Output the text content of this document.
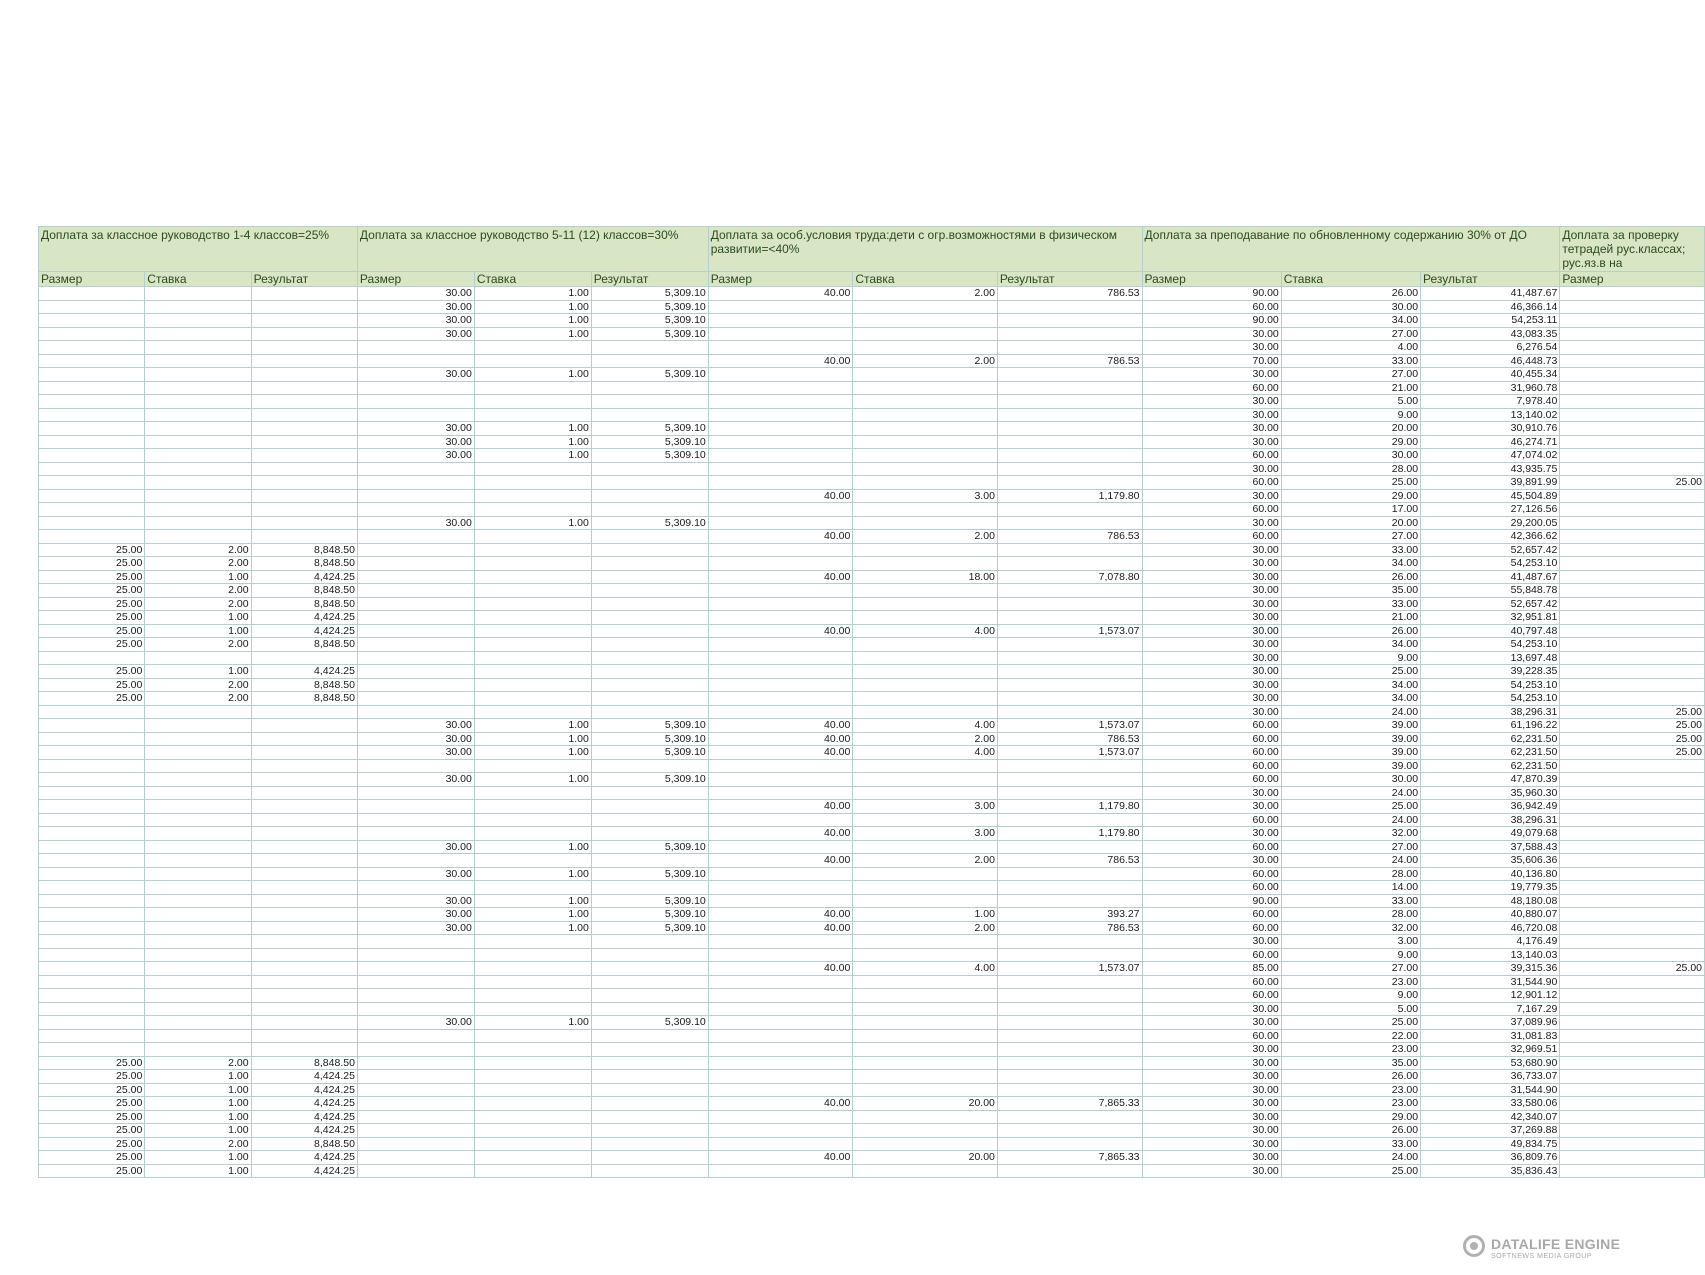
Доплата за классное руководство 1-4 классов=25%			Доплата за классное руководство 5-11 (12) классов=30%			Доплата за особ.условия труда:дети с огр.возможностями в физическом развитии=<40%			Доплата за преподавание по обновленному содержанию 30% от ДО			Доплата за проверку тетрадей рус.классах; рус.яз.в на
Размер	Ставка	Результат	Размер	Ставка	Результат	Размер	Ставка	Результат	Размер	Ставка	Результат	Размер
			30.00	1.00	5,309.10	40.00	2.00	786.53	90.00	26.00	41,487.67	
			30.00	1.00	5,309.10				60.00	30.00	46,366.14	
			30.00	1.00	5,309.10				90.00	34.00	54,253.11	
			30.00	1.00	5,309.10				30.00	27.00	43,083.35	
									30.00	4.00	6,276.54	
						40.00	2.00	786.53	70.00	33.00	46,448.73	
			30.00	1.00	5,309.10				30.00	27.00	40,455.34	
									60.00	21.00	31,960.78	
									30.00	5.00	7,978.40	
									30.00	9.00	13,140.02	
			30.00	1.00	5,309.10				30.00	20.00	30,910.76	
			30.00	1.00	5,309.10				30.00	29.00	46,274.71	
			30.00	1.00	5,309.10				60.00	30.00	47,074.02	
									30.00	28.00	43,935.75	
									60.00	25.00	39,891.99	25.00
						40.00	3.00	1,179.80	30.00	29.00	45,504.89	
									60.00	17.00	27,126.56	
			30.00	1.00	5,309.10				30.00	20.00	29,200.05	
						40.00	2.00	786.53	60.00	27.00	42,366.62	
25.00	2.00	8,848.50							30.00	33.00	52,657.42	
25.00	2.00	8,848.50							30.00	34.00	54,253.10	
25.00	1.00	4,424.25				40.00	18.00	7,078.80	30.00	26.00	41,487.67	
25.00	2.00	8,848.50							30.00	35.00	55,848.78	
25.00	2.00	8,848.50							30.00	33.00	52,657.42	
25.00	1.00	4,424.25							30.00	21.00	32,951.81	
25.00	1.00	4,424.25				40.00	4.00	1,573.07	30.00	26.00	40,797.48	
25.00	2.00	8,848.50							30.00	34.00	54,253.10	
									30.00	9.00	13,697.48	
25.00	1.00	4,424.25							30.00	25.00	39,228.35	
25.00	2.00	8,848.50							30.00	34.00	54,253.10	
25.00	2.00	8,848.50							30.00	34.00	54,253.10	
									30.00	24.00	38,296.31	25.00
			30.00	1.00	5,309.10	40.00	4.00	1,573.07	60.00	39.00	61,196.22	25.00
			30.00	1.00	5,309.10	40.00	2.00	786.53	60.00	39.00	62,231.50	25.00
			30.00	1.00	5,309.10	40.00	4.00	1,573.07	60.00	39.00	62,231.50	25.00
									60.00	39.00	62,231.50	
			30.00	1.00	5,309.10				60.00	30.00	47,870.39	
									30.00	24.00	35,960.30	
						40.00	3.00	1,179.80	30.00	25.00	36,942.49	
									60.00	24.00	38,296.31	
						40.00	3.00	1,179.80	30.00	32.00	49,079.68	
			30.00	1.00	5,309.10				60.00	27.00	37,588.43	
						40.00	2.00	786.53	30.00	24.00	35,606.36	
			30.00	1.00	5,309.10				60.00	28.00	40,136.80	
									60.00	14.00	19,779.35	
			30.00	1.00	5,309.10				90.00	33.00	48,180.08	
			30.00	1.00	5,309.10	40.00	1.00	393.27	60.00	28.00	40,880.07	
			30.00	1.00	5,309.10	40.00	2.00	786.53	60.00	32.00	46,720.08	
									30.00	3.00	4,176.49	
									60.00	9.00	13,140.03	
						40.00	4.00	1,573.07	85.00	27.00	39,315.36	25.00
									60.00	23.00	31,544.90	
									60.00	9.00	12,901.12	
									30.00	5.00	7,167.29	
			30.00	1.00	5,309.10				30.00	25.00	37,089.96	
									60.00	22.00	31,081.83	
									30.00	23.00	32,969.51	
25.00	2.00	8,848.50							30.00	35.00	53,680.90	
25.00	1.00	4,424.25							30.00	26.00	36,733.07	
25.00	1.00	4,424.25							30.00	23.00	31,544.90	
25.00	1.00	4,424.25				40.00	20.00	7,865.33	30.00	23.00	33,580.06	
25.00	1.00	4,424.25							30.00	29.00	42,340.07	
25.00	1.00	4,424.25							30.00	26.00	37,269.88	
25.00	2.00	8,848.50							30.00	33.00	49,834.75	
25.00	1.00	4,424.25				40.00	20.00	7,865.33	30.00	24.00	36,809.76	
25.00	1.00	4,424.25							30.00	25.00	35,836.43	
DATALIFE ENGINE
SOFTNEWS MEDIA GROUP
